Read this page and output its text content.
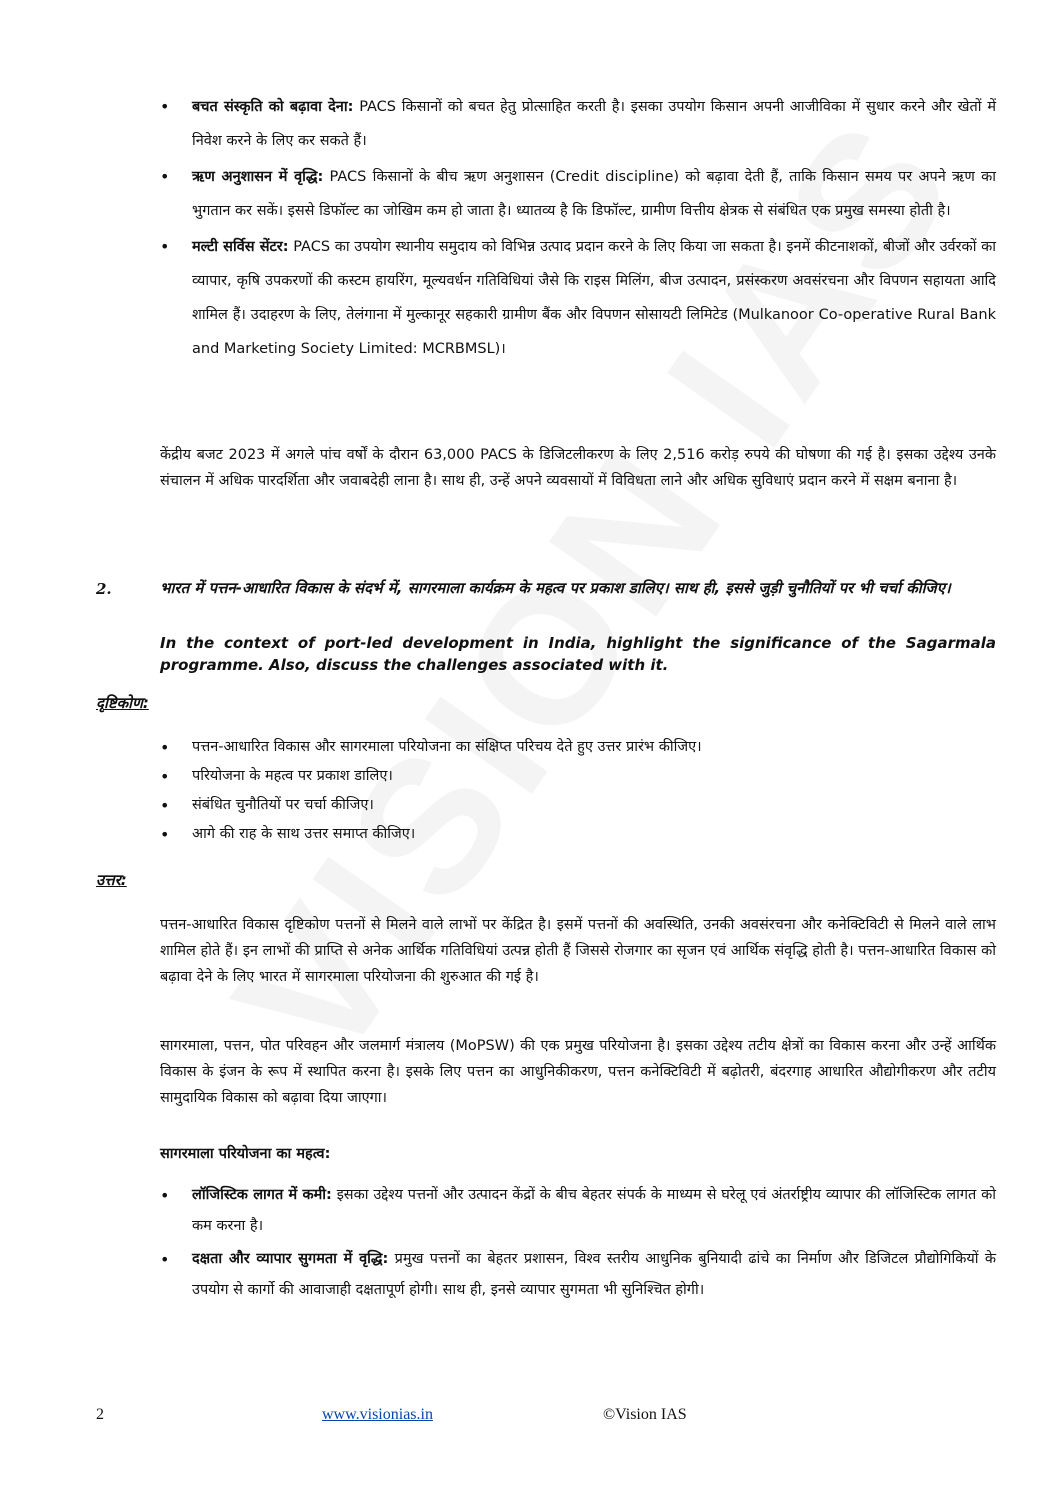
• बचत संस्कृति को बढ़ावा देना: PACS किसानों को बचत हेतु प्रोत्साहित करती है। इसका उपयोग किसान अपनी आजीविका में सुधार करने और खेतों में निवेश करने के लिए कर सकते हैं।
• ऋण अनुशासन में वृद्धि: PACS किसानों के बीच ऋण अनुशासन (Credit discipline) को बढ़ावा देती हैं, ताकि किसान समय पर अपने ऋण का भुगतान कर सकें। इससे डिफॉल्ट का जोखिम कम हो जाता है। ध्यातव्य है कि डिफॉल्ट, ग्रामीण वित्तीय क्षेत्रक से संबंधित एक प्रमुख समस्या होती है।
• मल्टी सर्विस सेंटर: PACS का उपयोग स्थानीय समुदाय को विभिन्न उत्पाद प्रदान करने के लिए किया जा सकता है। इनमें कीटनाशकों, बीजों और उर्वरकों का व्यापार, कृषि उपकरणों की कस्टम हायरिंग, मूल्यवर्धन गतिविधियां जैसे कि राइस मिलिंग, बीज उत्पादन, प्रसंस्करण अवसंरचना और विपणन सहायता आदि शामिल हैं। उदाहरण के लिए, तेलंगाना में मुल्कानूर सहकारी ग्रामीण बैंक और विपणन सोसायटी लिमिटेड (Mulkanoor Co-operative Rural Bank and Marketing Society Limited: MCRBMSL)।

केंद्रीय बजट 2023 में अगले पांच वर्षों के दौरान 63,000 PACS के डिजिटलीकरण के लिए 2,516 करोड़ रुपये की घोषणा की गई है। इसका उद्देश्य उनके संचालन में अधिक पारदर्शिता और जवाबदेही लाना है। साथ ही, उन्हें अपने व्यवसायों में विविधता लाने और अधिक सुविधाएं प्रदान करने में सक्षम बनाना है।

2.	भारत में पत्तन-आधारित विकास के संदर्भ में, सागरमाला कार्यक्रम के महत्व पर प्रकाश डालिए। साथ ही, इससे जुड़ी चुनौतियों पर भी चर्चा कीजिए।

In the context of port-led development in India, highlight the significance of the Sagarmala programme. Also, discuss the challenges associated with it.

दृष्टिकोण:

• पत्तन-आधारित विकास और सागरमाला परियोजना का संक्षिप्त परिचय देते हुए उत्तर प्रारंभ कीजिए।
• परियोजना के महत्व पर प्रकाश डालिए।
• संबंधित चुनौतियों पर चर्चा कीजिए।
• आगे की राह के साथ उत्तर समाप्त कीजिए।

उत्तर:

पत्तन-आधारित विकास दृष्टिकोण पत्तनों से मिलने वाले लाभों पर केंद्रित है। इसमें पत्तनों की अवस्थिति, उनकी अवसंरचना और कनेक्टिविटी से मिलने वाले लाभ शामिल होते हैं। इन लाभों की प्राप्ति से अनेक आर्थिक गतिविधियां उत्पन्न होती हैं जिससे रोजगार का सृजन एवं आर्थिक संवृद्धि होती है। पत्तन-आधारित विकास को बढ़ावा देने के लिए भारत में सागरमाला परियोजना की शुरुआत की गई है।

सागरमाला, पत्तन, पोत परिवहन और जलमार्ग मंत्रालय (MoPSW) की एक प्रमुख परियोजना है। इसका उद्देश्य तटीय क्षेत्रों का विकास करना और उन्हें आर्थिक विकास के इंजन के रूप में स्थापित करना है। इसके लिए पत्तन का आधुनिकीकरण, पत्तन कनेक्टिविटी में बढ़ोतरी, बंदरगाह आधारित औद्योगीकरण और तटीय सामुदायिक विकास को बढ़ावा दिया जाएगा।

सागरमाला परियोजना का महत्व:

• लॉजिस्टिक लागत में कमी: इसका उद्देश्य पत्तनों और उत्पादन केंद्रों के बीच बेहतर संपर्क के माध्यम से घरेलू एवं अंतर्राष्ट्रीय व्यापार की लॉजिस्टिक लागत को कम करना है।
• दक्षता और व्यापार सुगमता में वृद्धि: प्रमुख पत्तनों का बेहतर प्रशासन, विश्व स्तरीय आधुनिक बुनियादी ढांचे का निर्माण और डिजिटल प्रौद्योगिकियों के उपयोग से कार्गो की आवाजाही दक्षतापूर्ण होगी। साथ ही, इनसे व्यापार सुगमता भी सुनिश्चित होगी।
2	www.visionias.in	©Vision IAS
